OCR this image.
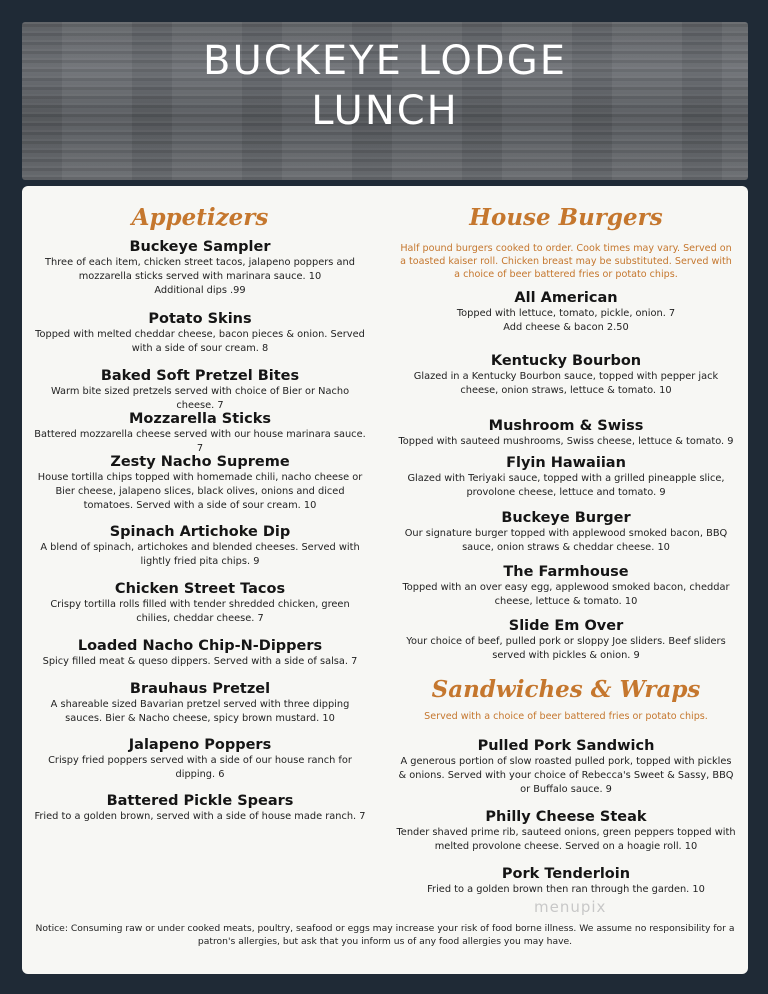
BUCKEYE LODGE
LUNCH
Appetizers
Buckeye Sampler
Three of each item, chicken street tacos, jalapeno poppers and mozzarella sticks served with marinara sauce. 10
Additional dips .99
Potato Skins
Topped with melted cheddar cheese, bacon pieces & onion. Served with a side of sour cream. 8
Baked Soft Pretzel Bites
Warm bite sized pretzels served with choice of Bier or Nacho cheese. 7
Mozzarella Sticks
Battered mozzarella cheese served with our house marinara sauce. 7
Zesty Nacho Supreme
House tortilla chips topped with homemade chili, nacho cheese or Bier cheese, jalapeno slices, black olives, onions and diced tomatoes. Served with a side of sour cream. 10
Spinach Artichoke Dip
A blend of spinach, artichokes and blended cheeses. Served with lightly fried pita chips. 9
Chicken Street Tacos
Crispy tortilla rolls filled with tender shredded chicken, green chilies, cheddar cheese. 7
Loaded Nacho Chip-N-Dippers
Spicy filled meat & queso dippers. Served with a side of salsa. 7
Brauhaus Pretzel
A shareable sized Bavarian pretzel served with three dipping sauces. Bier & Nacho cheese, spicy brown mustard. 10
Jalapeno Poppers
Crispy fried poppers served with a side of our house ranch for dipping. 6
Battered Pickle Spears
Fried to a golden brown, served with a side of house made ranch. 7
House Burgers
Half pound burgers cooked to order. Cook times may vary. Served on a toasted kaiser roll. Chicken breast may be substituted. Served with a choice of beer battered fries or potato chips.
All American
Topped with lettuce, tomato, pickle, onion. 7
Add cheese & bacon 2.50
Kentucky Bourbon
Glazed in a Kentucky Bourbon sauce, topped with pepper jack cheese, onion straws, lettuce & tomato. 10
Mushroom & Swiss
Topped with sauteed mushrooms, Swiss cheese, lettuce & tomato. 9
Flyin Hawaiian
Glazed with Teriyaki sauce, topped with a grilled pineapple slice, provolone cheese, lettuce and tomato. 9
Buckeye Burger
Our signature burger topped with applewood smoked bacon, BBQ sauce, onion straws & cheddar cheese. 10
The Farmhouse
Topped with an over easy egg, applewood smoked bacon, cheddar cheese, lettuce & tomato. 10
Slide Em Over
Your choice of beef, pulled pork or sloppy Joe sliders. Beef sliders served with pickles & onion. 9
Sandwiches & Wraps
Served with a choice of beer battered fries or potato chips.
Pulled Pork Sandwich
A generous portion of slow roasted pulled pork, topped with pickles & onions. Served with your choice of Rebecca's Sweet & Sassy, BBQ or Buffalo sauce. 9
Philly Cheese Steak
Tender shaved prime rib, sauteed onions, green peppers topped with melted provolone cheese. Served on a hoagie roll. 10
Pork Tenderloin
Fried to a golden brown then ran through the garden. 10
menupix
Notice: Consuming raw or under cooked meats, poultry, seafood or eggs may increase your risk of food borne illness. We assume no responsibility for a patron's allergies, but ask that you inform us of any food allergies you may have.
